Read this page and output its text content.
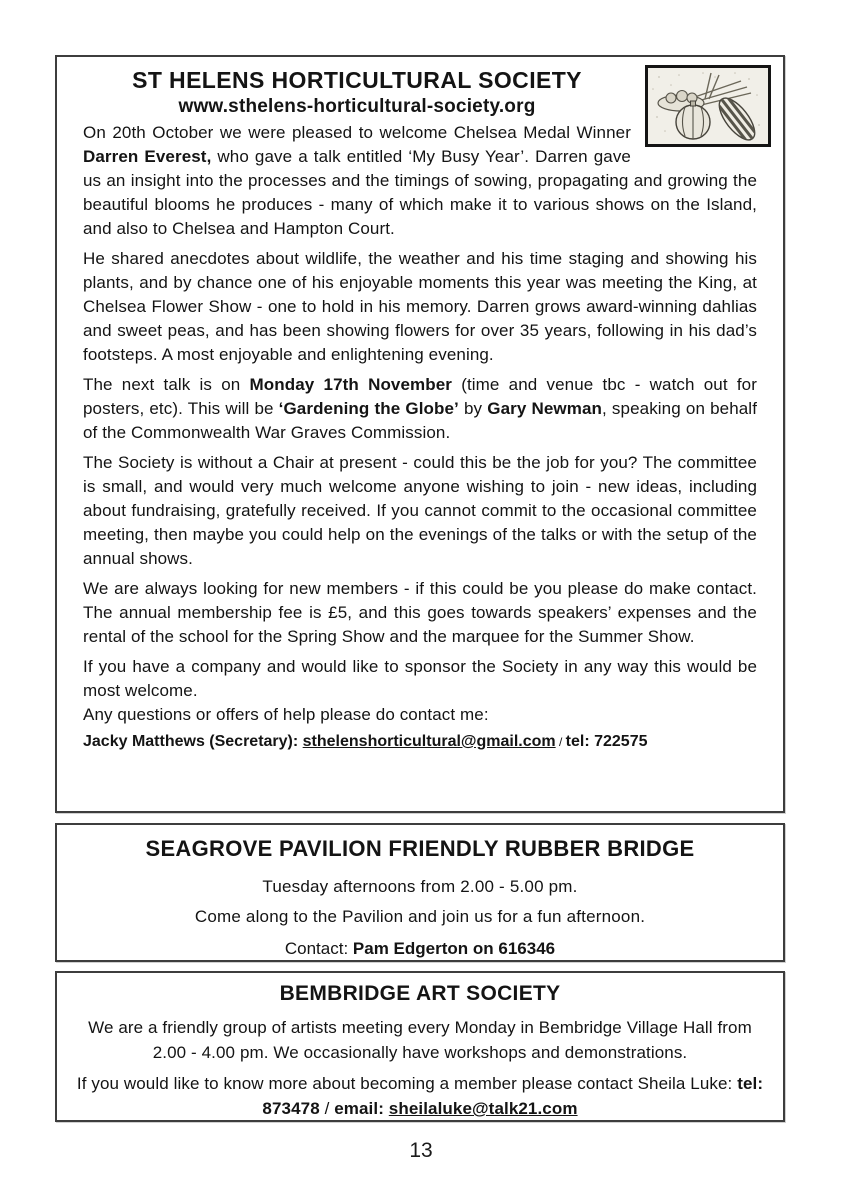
ST HELENS HORTICULTURAL SOCIETY
www.sthelens-horticultural-society.org

On 20th October we were pleased to welcome Chelsea Medal Winner Darren Everest, who gave a talk entitled ‘My Busy Year’. Darren gave us an insight into the processes and the timings of sowing, propagating and growing the beautiful blooms he produces - many of which make it to various shows on the Island, and also to Chelsea and Hampton Court.

He shared anecdotes about wildlife, the weather and his time staging and showing his plants, and by chance one of his enjoyable moments this year was meeting the King, at Chelsea Flower Show - one to hold in his memory. Darren grows award-winning dahlias and sweet peas, and has been showing flowers for over 35 years, following in his dad’s footsteps. A most enjoyable and enlightening evening.

The next talk is on Monday 17th November (time and venue tbc - watch out for posters, etc). This will be ‘Gardening the Globe’ by Gary Newman, speaking on behalf of the Commonwealth War Graves Commission.

The Society is without a Chair at present - could this be the job for you? The committee is small, and would very much welcome anyone wishing to join - new ideas, including about fundraising, gratefully received. If you cannot commit to the occasional committee meeting, then maybe you could help on the evenings of the talks or with the setup of the annual shows.

We are always looking for new members - if this could be you please do make contact. The annual membership fee is £5, and this goes towards speakers’ expenses and the rental of the school for the Spring Show and the marquee for the Summer Show.

If you have a company and would like to sponsor the Society in any way this would be most welcome.

Any questions or offers of help please do contact me:

Jacky Matthews (Secretary): sthelenshorticultural@gmail.com / tel: 722575
SEAGROVE PAVILION FRIENDLY RUBBER BRIDGE
Tuesday afternoons from 2.00 - 5.00 pm.
Come along to the Pavilion and join us for a fun afternoon.
Contact: Pam Edgerton on 616346
BEMBRIDGE ART SOCIETY
We are a friendly group of artists meeting every Monday in Bembridge Village Hall from 2.00 - 4.00 pm. We occasionally have workshops and demonstrations.
If you would like to know more about becoming a member please contact Sheila Luke: tel: 873478 / email: sheilaluke@talk21.com
13
